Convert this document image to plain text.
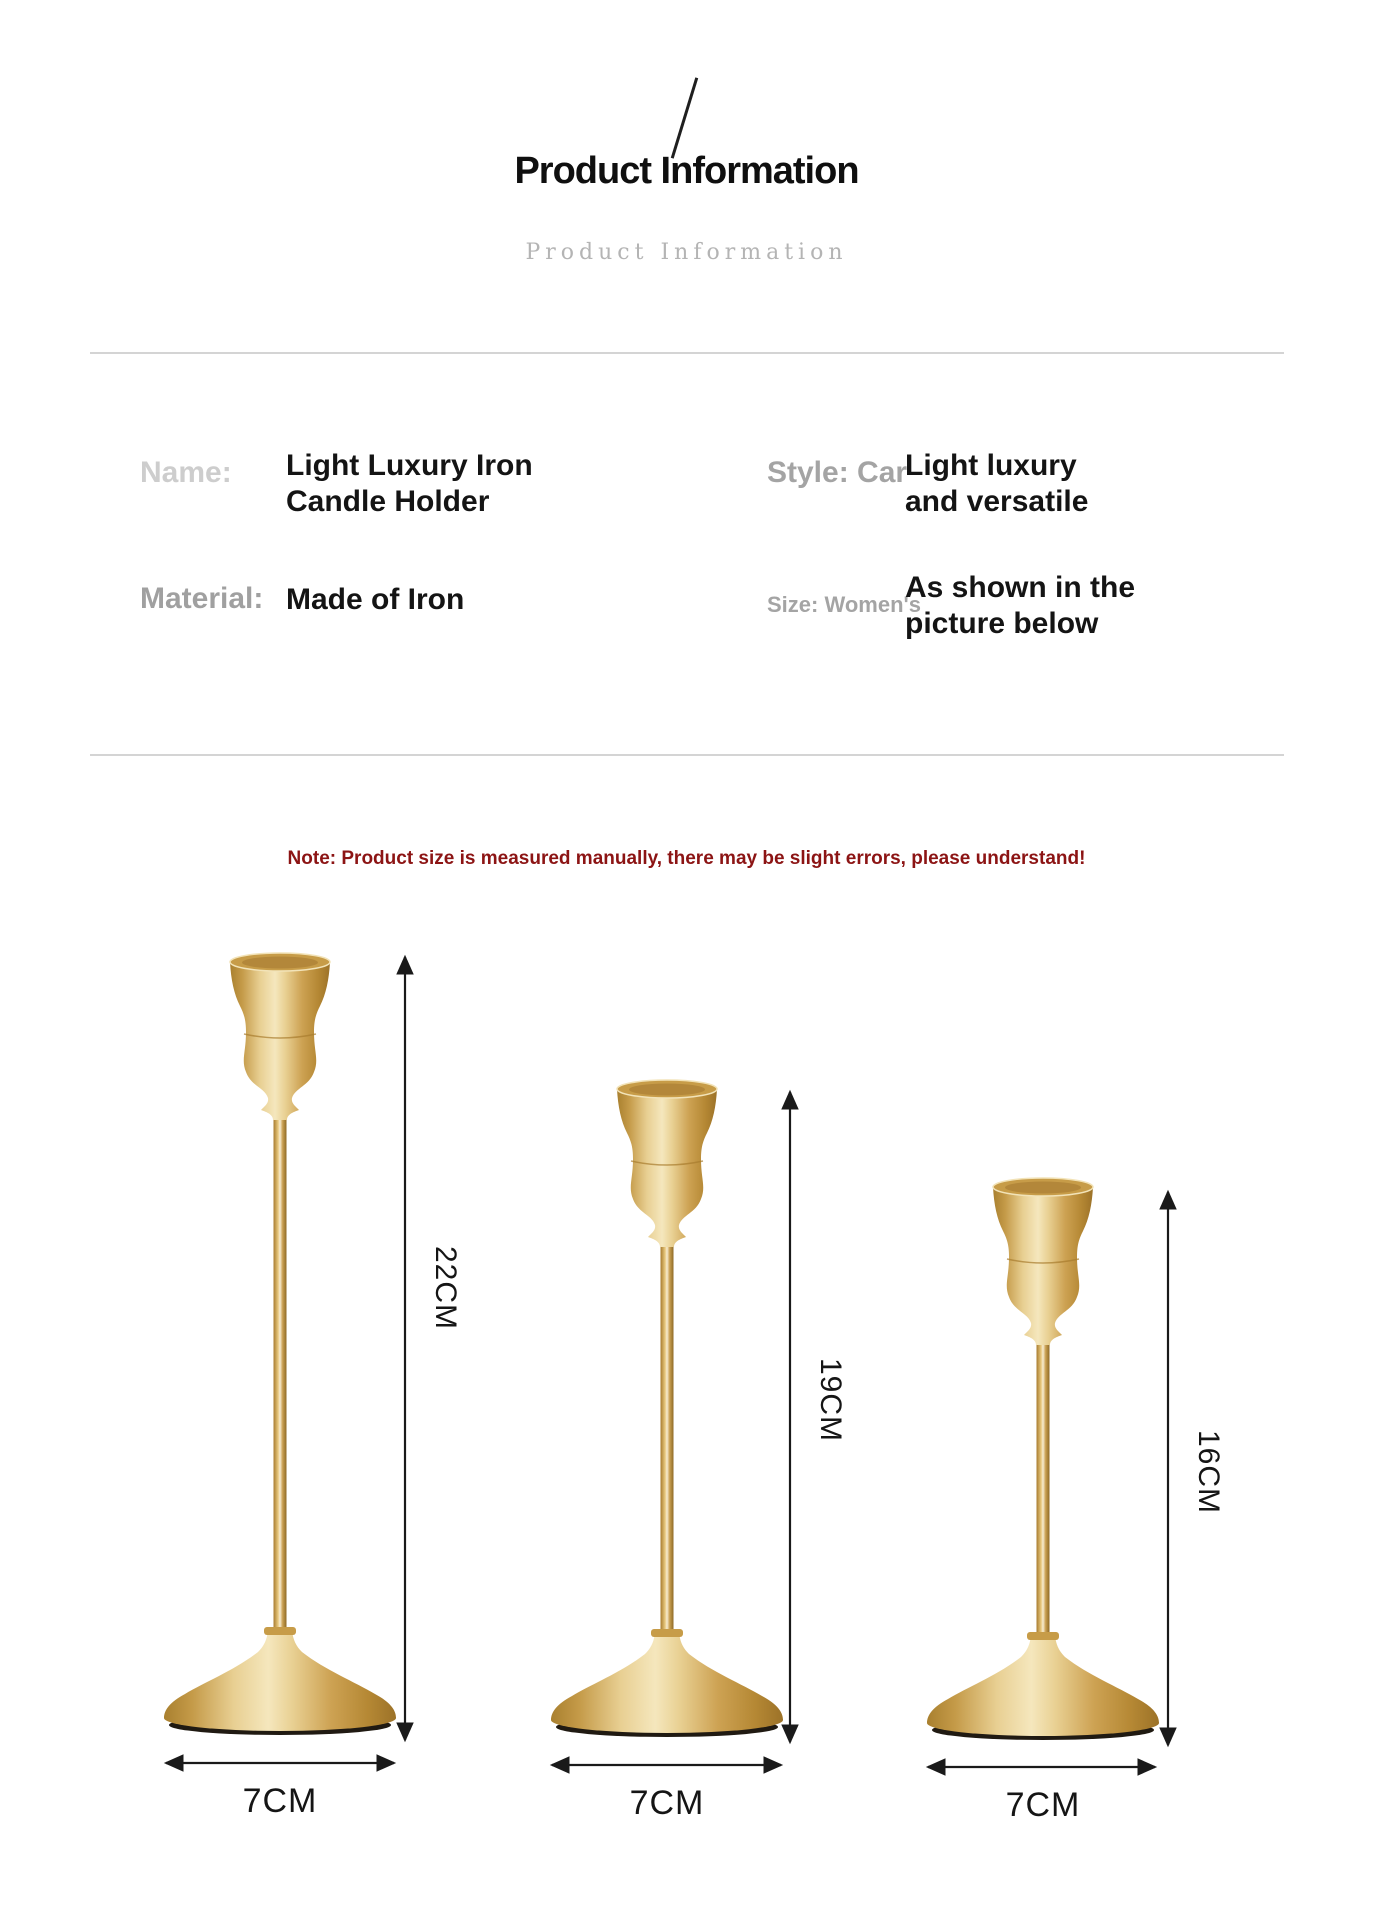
Product Information
Product Information
Name: Light Luxury Iron
Candle Holder
Style: Car
Light luxury
and versatile
Material: Made of Iron	Size: Women's
As shown in the
picture below
Note: Product size is measured manually, there may be slight errors, please understand!
22CM
19CM
16CM
7CM	7CM	7CM
